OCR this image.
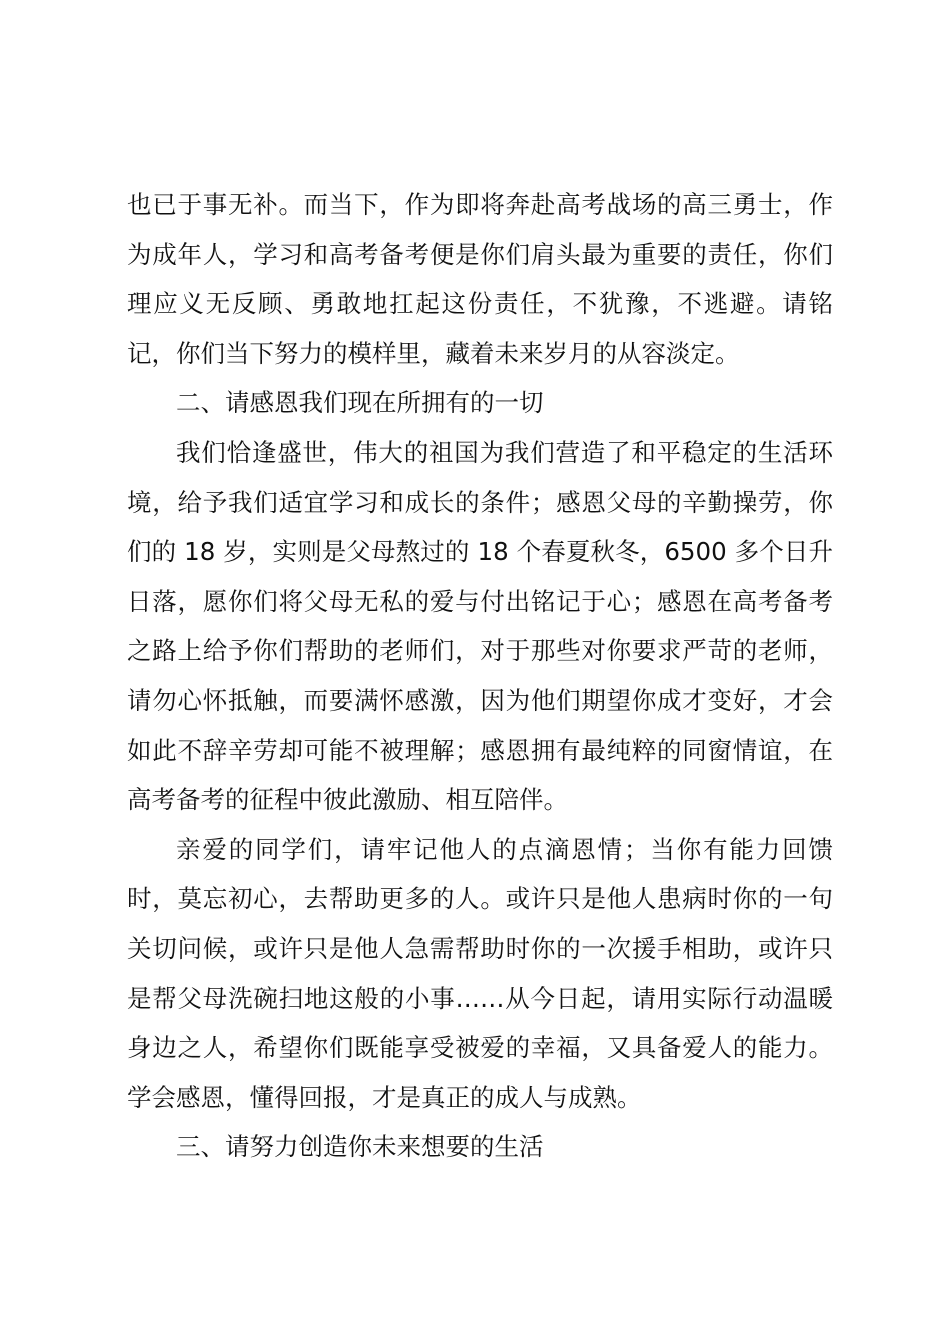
也已于事无补。而当下，作为即将奔赴高考战场的高三勇士，作为成年人，学习和高考备考便是你们肩头最为重要的责任，你们理应义无反顾、勇敢地扛起这份责任，不犹豫，不逃避。请铭记，你们当下努力的模样里，藏着未来岁月的从容淡定。

二、请感恩我们现在所拥有的一切

我们恰逢盛世，伟大的祖国为我们营造了和平稳定的生活环境，给予我们适宜学习和成长的条件；感恩父母的辛勤操劳，你们的 18 岁，实则是父母熬过的 18 个春夏秋冬，6500 多个日升日落，愿你们将父母无私的爱与付出铭记于心；感恩在高考备考之路上给予你们帮助的老师们，对于那些对你要求严苛的老师，请勿心怀抵触，而要满怀感激，因为他们期望你成才变好，才会如此不辞辛劳却可能不被理解；感恩拥有最纯粹的同窗情谊，在高考备考的征程中彼此激励、相互陪伴。

亲爱的同学们，请牢记他人的点滴恩情；当你有能力回馈时，莫忘初心，去帮助更多的人。或许只是他人患病时你的一句关切问候，或许只是他人急需帮助时你的一次援手相助，或许只是帮父母洗碗扫地这般的小事……从今日起，请用实际行动温暖身边之人，希望你们既能享受被爱的幸福，又具备爱人的能力。学会感恩，懂得回报，才是真正的成人与成熟。

三、请努力创造你未来想要的生活
